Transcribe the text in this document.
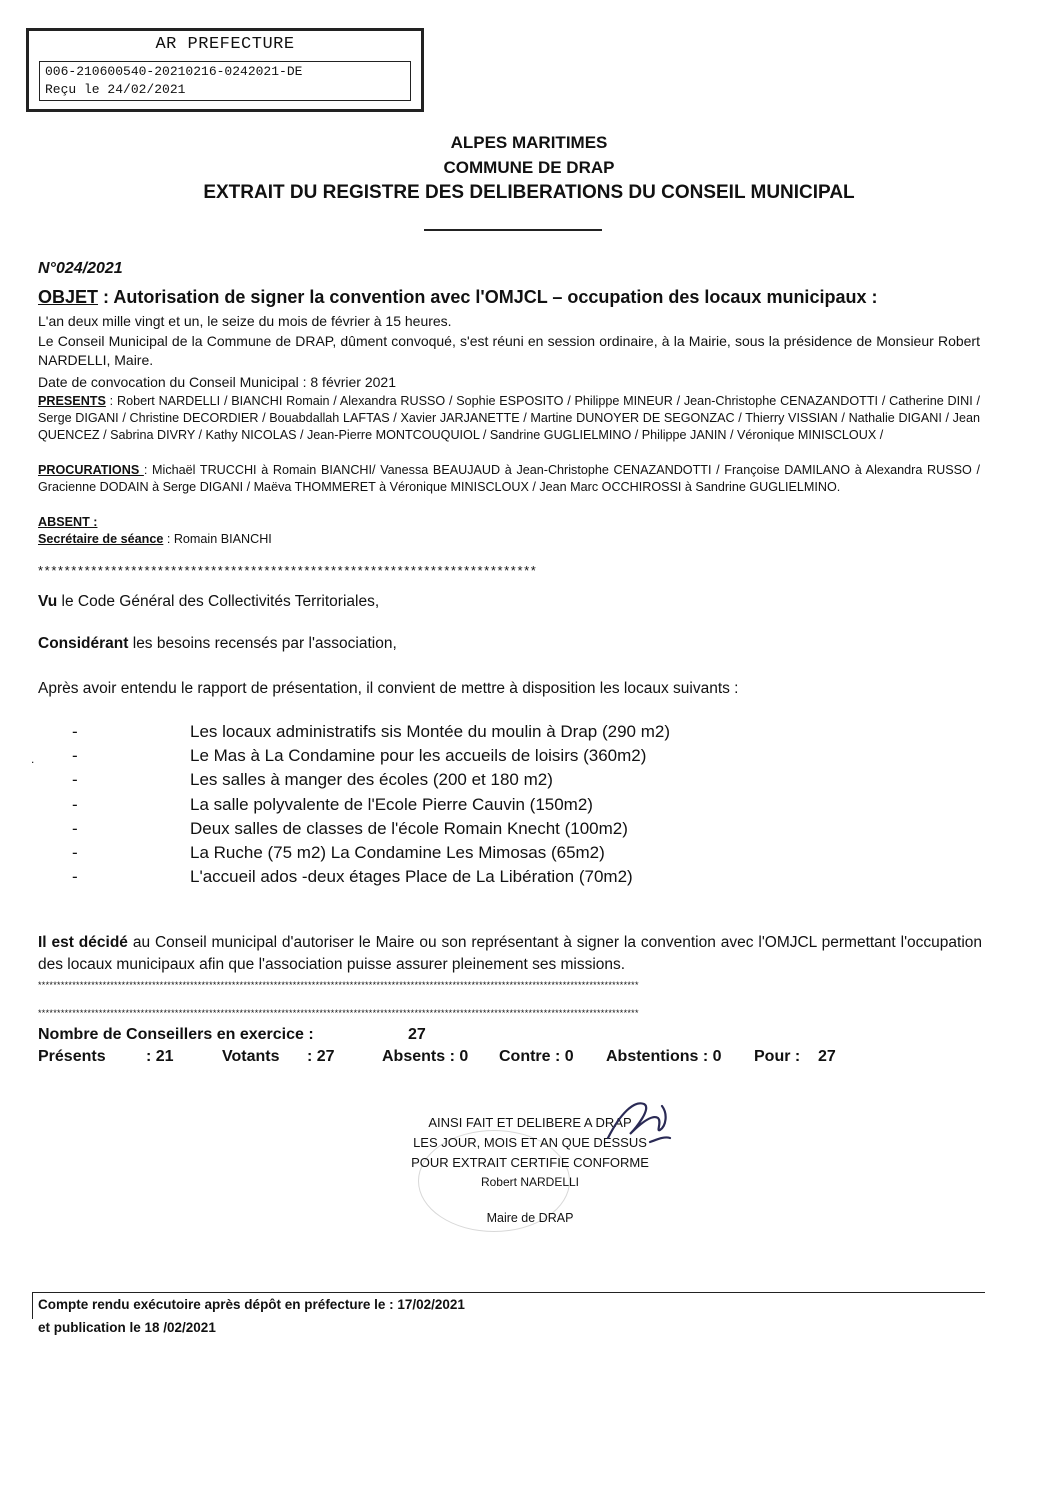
AR PREFECTURE
006-210600540-20210216-0242021-DE
Reçu le 24/02/2021
ALPES MARITIMES
COMMUNE DE DRAP
EXTRAIT DU REGISTRE DES DELIBERATIONS DU CONSEIL MUNICIPAL
N°024/2021
OBJET : Autorisation de signer la convention avec l'OMJCL – occupation des locaux municipaux :
L'an deux mille vingt et un, le seize du mois de février à 15 heures.
Le Conseil Municipal de la Commune de DRAP, dûment convoqué, s'est réuni en session ordinaire, à la Mairie, sous la présidence de Monsieur Robert NARDELLI, Maire.
Date de convocation du Conseil Municipal : 8 février 2021
PRESENTS : Robert NARDELLI / BIANCHI Romain / Alexandra RUSSO / Sophie ESPOSITO / Philippe MINEUR / Jean-Christophe CENAZANDOTTI / Catherine DINI / Serge DIGANI / Christine DECORDIER / Bouabdallah LAFTAS / Xavier JARJANETTE / Martine DUNOYER DE SEGONZAC / Thierry VISSIAN / Nathalie DIGANI / Jean QUENCEZ / Sabrina DIVRY / Kathy NICOLAS / Jean-Pierre MONTCOUQUIOL / Sandrine GUGLIELMINO / Philippe JANIN / Véronique MINISCLOUX /
PROCURATIONS : Michaël TRUCCHI à Romain BIANCHI/ Vanessa BEAUJAUD à Jean-Christophe CENAZANDOTTI / Françoise DAMILANO à Alexandra RUSSO / Gracienne DODAIN à Serge DIGANI / Maëva THOMMERET à Véronique MINISCLOUX / Jean Marc OCCHIROSSI à Sandrine GUGLIELMINO.
ABSENT :
Secrétaire de séance : Romain BIANCHI
***************************************************************************
Vu le Code Général des Collectivités Territoriales,
Considérant les besoins recensés par l'association,
Après avoir entendu le rapport de présentation, il convient de mettre à disposition les locaux suivants :
.
-	Les locaux administratifs sis Montée du moulin à Drap (290 m2)
-	Le Mas à La Condamine pour les accueils de loisirs (360m2)
-	Les salles à manger des écoles (200 et 180 m2)
-	La salle polyvalente de l'Ecole Pierre Cauvin (150m2)
-	Deux salles de classes de l'école Romain Knecht (100m2)
-	La Ruche (75 m2) La Condamine Les Mimosas (65m2)
-	L'accueil ados -deux étages Place de La Libération (70m2)
Il est décidé au Conseil municipal d'autoriser le Maire ou son représentant à signer la convention avec l'OMJCL permettant l'occupation des locaux municipaux afin que l'association puisse assurer pleinement ses missions.
**************************************************************************************************************************************************************
**************************************************************************************************************************************************************
Nombre de Conseillers en exercice :	27
Présents	: 21	Votants : 27	Absents : 0 Contre : 0 Abstentions : 0 Pour : 27
AINSI FAIT ET DELIBERE A DRAP
LES JOUR, MOIS ET AN QUE DESSUS
POUR EXTRAIT CERTIFIE CONFORME
Robert NARDELLI
Maire de DRAP
Compte rendu exécutoire après dépôt en préfecture le : 17/02/2021
et publication le 18 /02/2021
